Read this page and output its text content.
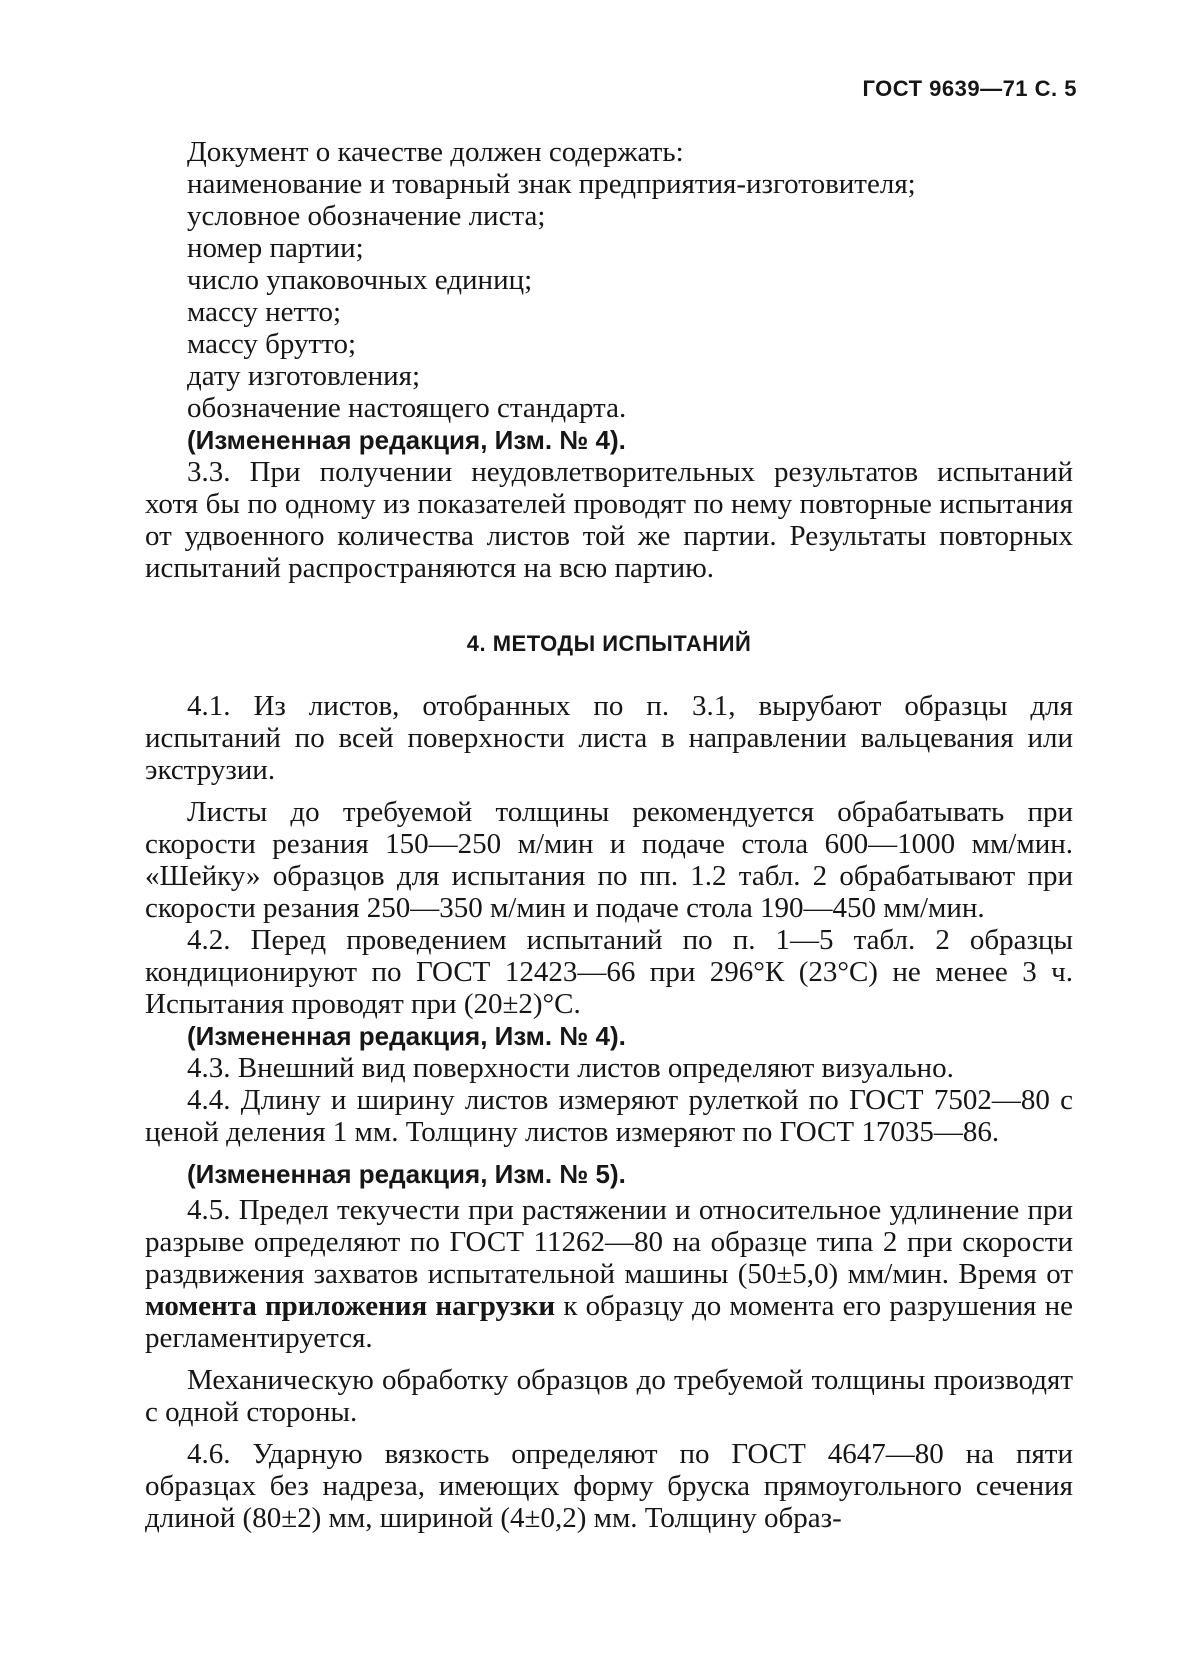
ГОСТ 9639—71 С. 5

Документ о качестве должен содержать:

наименование и товарный знак предприятия-изготовителя;
условное обозначение листа;
номер партии;
число упаковочных единиц;
массу нетто;
массу брутто;
дату изготовления;
обозначение настоящего стандарта.

(Измененная редакция, Изм. № 4).

3.3. При получении неудовлетворительных результатов испытаний хотя бы по одному из показателей проводят по нему повторные испытания от удвоенного количества листов той же партии. Результаты повторных испытаний распространяются на всю партию.

4. МЕТОДЫ ИСПЫТАНИЙ

4.1. Из листов, отобранных по п. 3.1, вырубают образцы для испытаний по всей поверхности листа в направлении вальцевания или экструзии.

Листы до требуемой толщины рекомендуется обрабатывать при скорости резания 150—250 м/мин и подаче стола 600—1000 мм/мин. «Шейку» образцов для испытания по пп. 1.2 табл. 2 обрабатывают при скорости резания 250—350 м/мин и подаче стола 190—450 мм/мин.

4.2. Перед проведением испытаний по п. 1—5 табл. 2 образцы кондиционируют по ГОСТ 12423—66 при 296°К (23°С) не менее 3 ч. Испытания проводят при (20±2)°С.

(Измененная редакция, Изм. № 4).

4.3. Внешний вид поверхности листов определяют визуально.

4.4. Длину и ширину листов измеряют рулеткой по ГОСТ 7502—80 с ценой деления 1 мм. Толщину листов измеряют по ГОСТ 17035—86.

(Измененная редакция, Изм. № 5).

4.5. Предел текучести при растяжении и относительное удлинение при разрыве определяют по ГОСТ 11262—80 на образце типа 2 при скорости раздвижения захватов испытательной машины (50±5,0) мм/мин. Время от момента приложения нагрузки к образцу до момента его разрушения не регламентируется.

Механическую обработку образцов до требуемой толщины производят с одной стороны.

4.6. Ударную вязкость определяют по ГОСТ 4647—80 на пяти образцах без надреза, имеющих форму бруска прямоугольного сечения длиной (80±2) мм, шириной (4±0,2) мм. Толщину образ-
